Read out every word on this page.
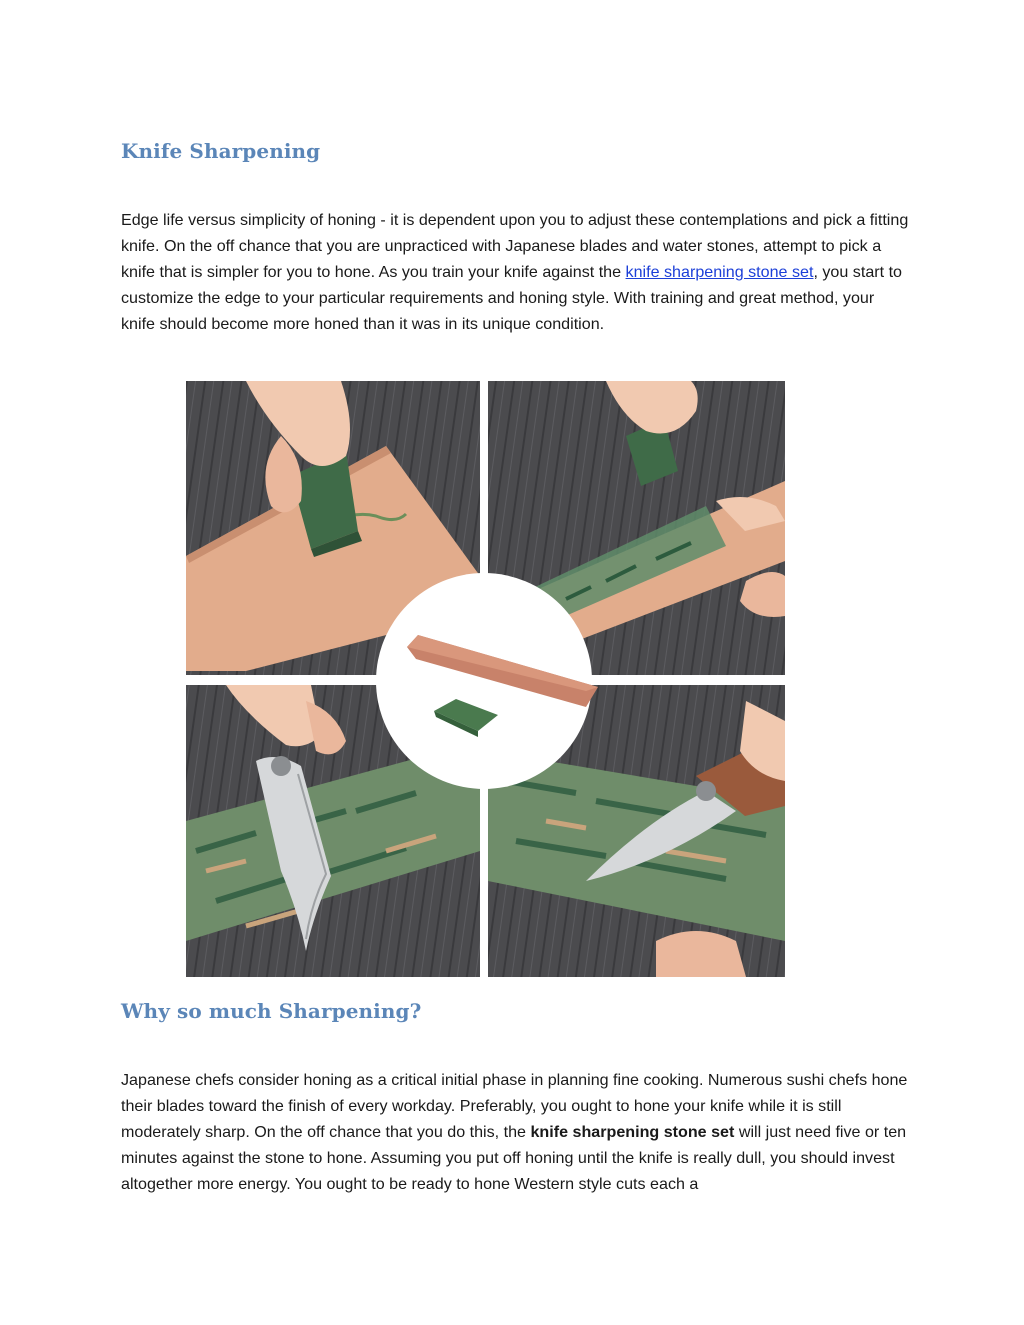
Knife Sharpening

Edge life versus simplicity of honing - it is dependent upon you to adjust these contemplations and pick a fitting knife. On the off chance that you are unpracticed with Japanese blades and water stones, attempt to pick a knife that is simpler for you to hone. As you train your knife against the knife sharpening stone set, you start to customize the edge to your particular requirements and honing style. With training and great method, your knife should become more honed than it was in its unique condition.

Why so much Sharpening?

Japanese chefs consider honing as a critical initial phase in planning fine cooking. Numerous sushi chefs hone their blades toward the finish of every workday. Preferably, you ought to hone your knife while it is still moderately sharp. On the off chance that you do this, the knife sharpening stone set will just need five or ten minutes against the stone to hone. Assuming you put off honing until the knife is really dull, you should invest altogether more energy. You ought to be ready to hone Western style cuts each a
